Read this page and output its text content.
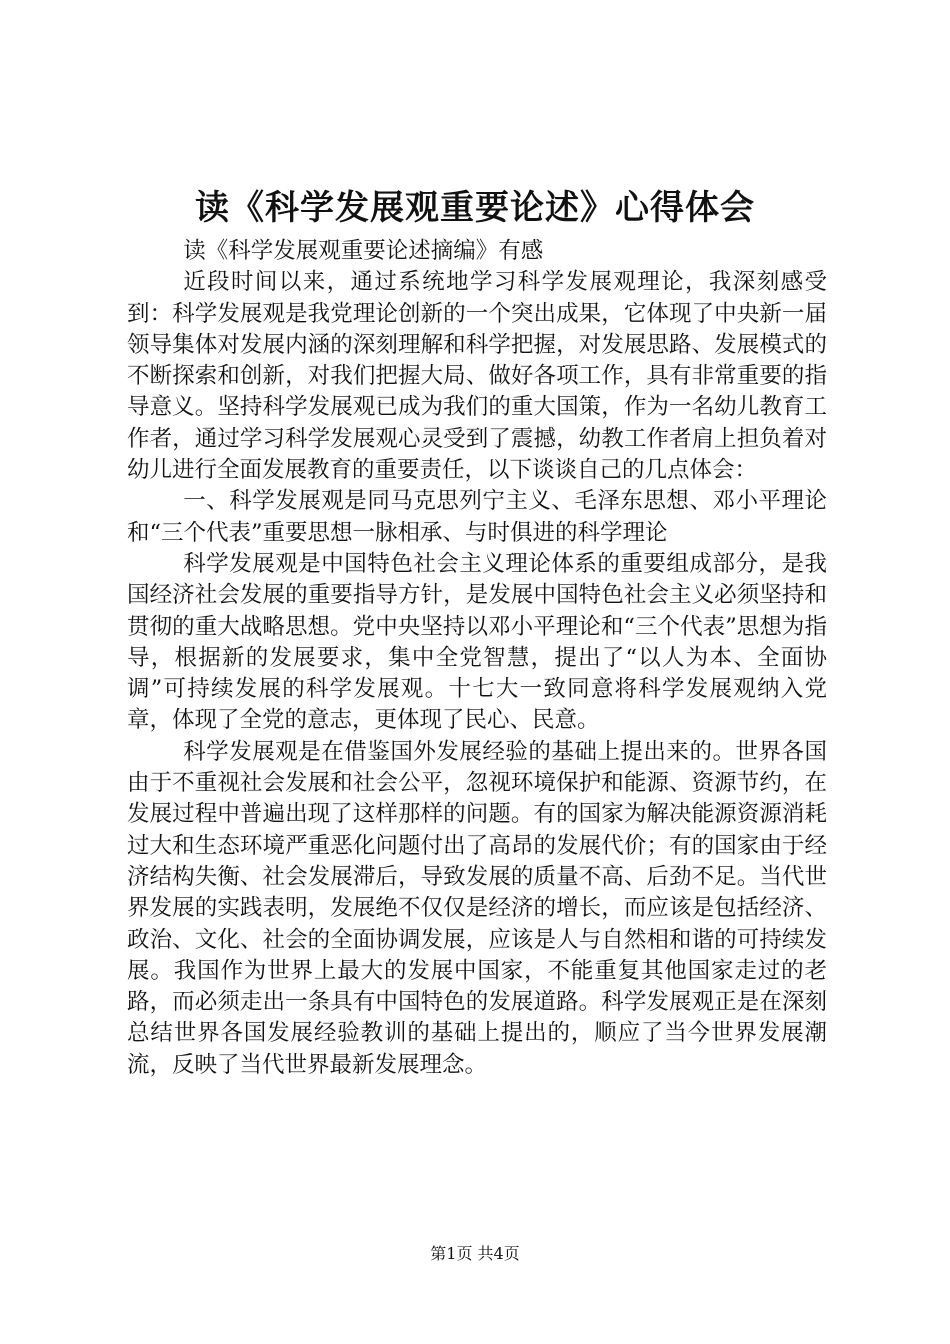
读《科学发展观重要论述》心得体会

读《科学发展观重要论述摘编》有感

近段时间以来，通过系统地学习科学发展观理论，我深刻感受到：科学发展观是我党理论创新的一个突出成果，它体现了中央新一届领导集体对发展内涵的深刻理解和科学把握，对发展思路、发展模式的不断探索和创新，对我们把握大局、做好各项工作，具有非常重要的指导意义。坚持科学发展观已成为我们的重大国策，作为一名幼儿教育工作者，通过学习科学发展观心灵受到了震撼，幼教工作者肩上担负着对幼儿进行全面发展教育的重要责任，以下谈谈自己的几点体会：

一、科学发展观是同马克思列宁主义、毛泽东思想、邓小平理论和“三个代表”重要思想一脉相承、与时俱进的科学理论

科学发展观是中国特色社会主义理论体系的重要组成部分，是我国经济社会发展的重要指导方针，是发展中国特色社会主义必须坚持和贯彻的重大战略思想。党中央坚持以邓小平理论和“三个代表”思想为指导，根据新的发展要求，集中全党智慧，提出了“以人为本、全面协调”可持续发展的科学发展观。十七大一致同意将科学发展观纳入党章，体现了全党的意志，更体现了民心、民意。

科学发展观是在借鉴国外发展经验的基础上提出来的。世界各国由于不重视社会发展和社会公平，忽视环境保护和能源、资源节约，在发展过程中普遍出现了这样那样的问题。有的国家为解决能源资源消耗过大和生态环境严重恶化问题付出了高昂的发展代价；有的国家由于经济结构失衡、社会发展滞后，导致发展的质量不高、后劲不足。当代世界发展的实践表明，发展绝不仅仅是经济的增长，而应该是包括经济、政治、文化、社会的全面协调发展，应该是人与自然相和谐的可持续发展。我国作为世界上最大的发展中国家，不能重复其他国家走过的老路，而必须走出一条具有中国特色的发展道路。科学发展观正是在深刻总结世界各国发展经验教训的基础上提出的，顺应了当今世界发展潮流，反映了当代世界最新发展理念。

第1页 共4页
